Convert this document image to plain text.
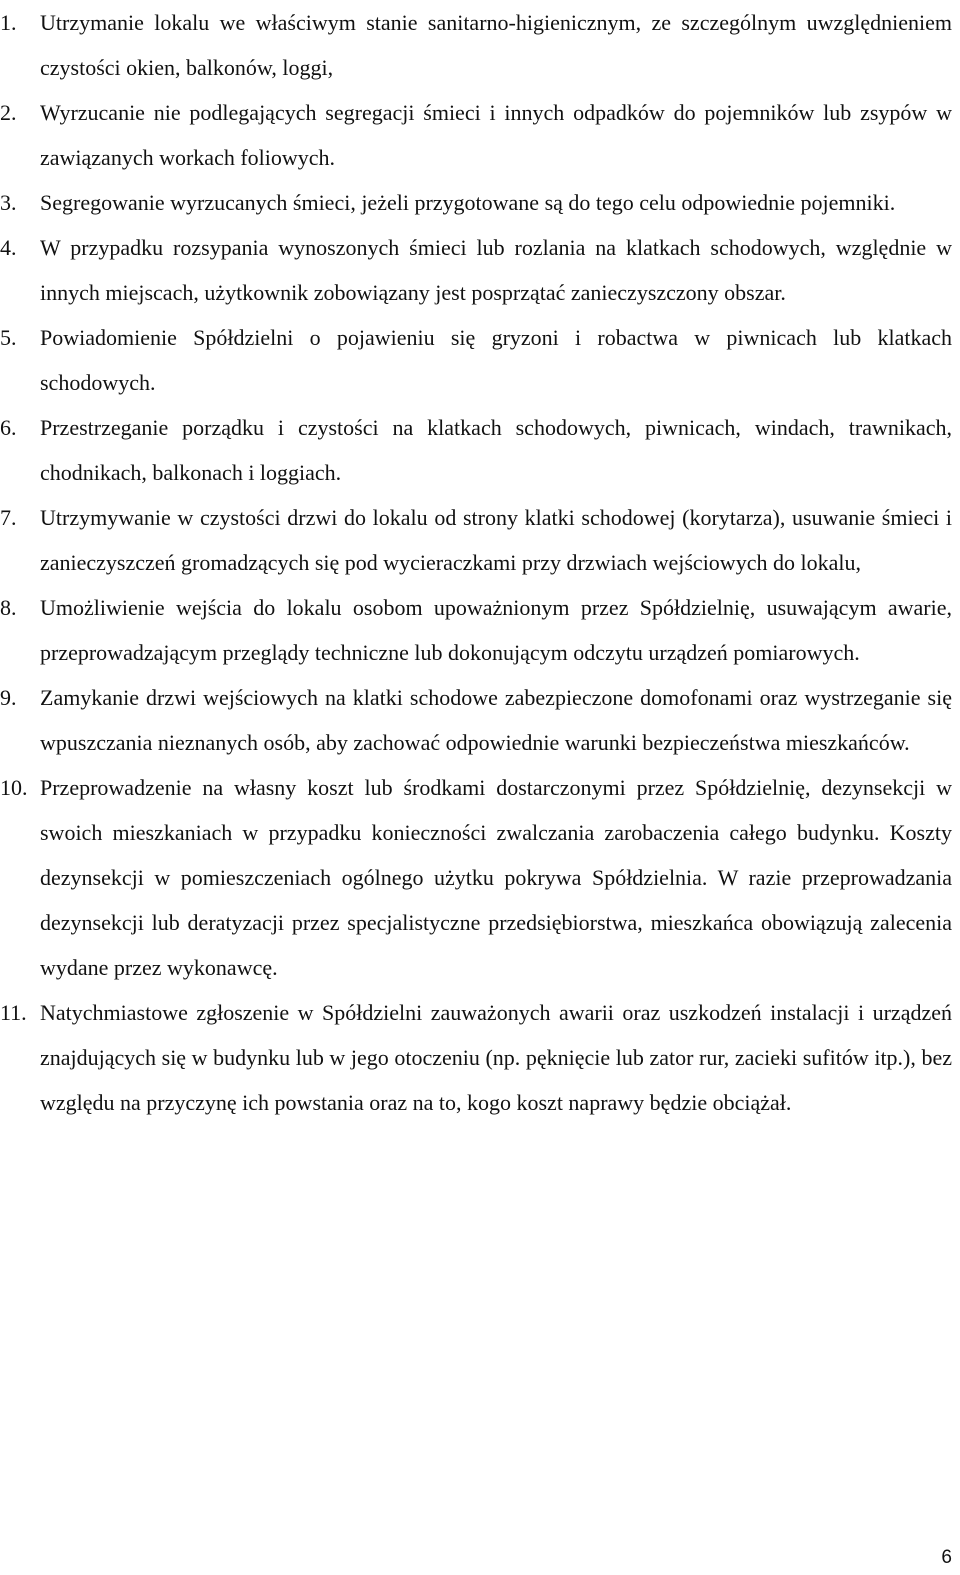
1.	Utrzymanie lokalu we właściwym stanie sanitarno-higienicznym, ze szczególnym uwzględnieniem czystości okien, balkonów, loggi,
2.	Wyrzucanie nie podlegających segregacji śmieci i innych odpadków do pojemników lub zsypów w zawiązanych workach foliowych.
3.	Segregowanie wyrzucanych śmieci, jeżeli przygotowane są do tego celu odpowiednie pojemniki.
4.	W przypadku rozsypania wynoszonych śmieci lub rozlania na klatkach schodowych, względnie w innych miejscach, użytkownik zobowiązany jest posprzątać zanieczyszczony obszar.
5.	Powiadomienie Spółdzielni o pojawieniu się gryzoni i robactwa w piwnicach lub klatkach schodowych.
6.	Przestrzeganie porządku i czystości na klatkach schodowych, piwnicach, windach, trawnikach, chodnikach, balkonach i loggiach.
7.	Utrzymywanie w czystości drzwi do lokalu od strony klatki schodowej (korytarza), usuwanie śmieci i zanieczyszczeń gromadzących się pod wycieraczkami przy drzwiach wejściowych do lokalu,
8.	Umożliwienie wejścia do lokalu osobom upoważnionym przez Spółdzielnię, usuwającym awarie, przeprowadzającym przeglądy techniczne lub dokonującym odczytu urządzeń pomiarowych.
9.	Zamykanie drzwi wejściowych na klatki schodowe zabezpieczone domofonami oraz wystrzeganie się wpuszczania nieznanych osób, aby zachować odpowiednie warunki bezpieczeństwa mieszkańców.
10. Przeprowadzenie na własny koszt lub środkami dostarczonymi przez Spółdzielnię, dezynsekcji w swoich mieszkaniach w przypadku konieczności zwalczania zarobaczenia całego budynku. Koszty dezynsekcji w pomieszczeniach ogólnego użytku pokrywa Spółdzielnia. W razie przeprowadzania dezynsekcji lub deratyzacji przez specjalistyczne przedsiębiorstwa, mieszkańca obowiązują zalecenia wydane przez wykonawcę.
11. Natychmiastowe zgłoszenie w Spółdzielni zauważonych awarii oraz uszkodzeń instalacji i urządzeń znajdujących się w budynku lub w jego otoczeniu (np. pęknięcie lub zator rur, zacieki sufitów itp.), bez względu na przyczynę ich powstania oraz na to, kogo koszt naprawy będzie obciążał.
6
